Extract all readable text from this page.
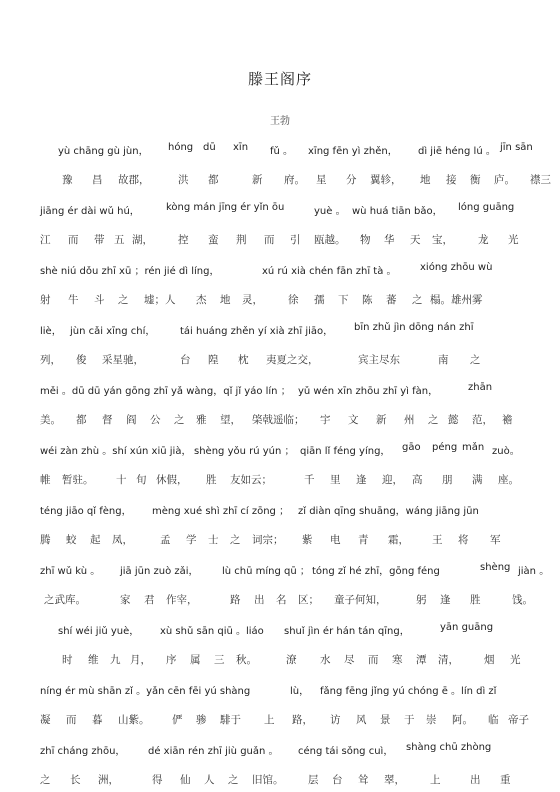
滕王阁序
王勃
yù chāng gù jùn， hóng dū xīn fǔ 。 xīng fēn yì zhěn， dì jiē héng lú 。 jīn sān
豫 昌 故郡，	洪 都	新 府。 星 分 翼轸， 地 接 衡 庐。 襟三
jiāng ér dài wǔ hú，	kòng mán jīng ér yǐn ōu	yuè 。 wù huá tiān bǎo， lóng guāng
江 而 带 五 湖， 控 蛮 荆 而 引 瓯越。 物 华 天 宝， 龙 光
shè niú dǒu zhī xū ；rén jié dì líng，	xú rú xià chén fān zhī tà 。 xióng zhōu wù
射 牛 斗 之 墟；人 杰 地 灵， 徐 孺 下 陈 蕃 之 榻。雄州雾
liè， jùn cǎi xīng chí， tái huáng zhěn yí xià zhī jiāo， bīn zhǔ jìn dōng nán zhī
列， 俊 采星驰，	台 隍 枕 夷夏之交，	宾主尽东	南 之
měi 。dū dū yán gōng zhī yǎ wàng，qǐ jǐ yáo lín ； yǔ wén xīn zhōu zhī yì fàn，	zhān
美。 都 督 阎 公 之 雅 望， 棨戟遥临； 宇 文 新 州 之 懿 范， 襜
wéi zàn zhù 。shí xún xiū jià， shèng yǒu rú yún ； qiān lǐ féng yíng， gāo péng mǎn zuò。
帷 暂驻。 十 旬 休假， 胜 友如云；	千 里 逢 迎， 高 朋 满 座。
téng jiāo qǐ fèng， mèng xué shì zhī cí zōng ； zǐ diàn qīng shuāng，wáng jiāng jūn
腾 蛟 起 凤，	孟 学 士 之 词宗； 紫 电 青 霜， 王 将 军
zhī wǔ kù 。 jiā jūn zuò zǎi， lù chū míng qū ； tóng zǐ hé zhī，gōng féng	shèng jiàn 。
之武库。	家 君 作宰，	路 出 名 区； 童子何知，	躬 逢 胜	饯。
shí wéi jiǔ yuè， xù shǔ sān qiū 。liáo shuǐ jìn ér hán tán qīng，	yān guāng
时 维 九 月， 序 属 三 秋。	潦 水 尽 而 寒 潭 清， 烟 光
níng ér mù shān zǐ 。yǎn cēn fēi yú shàng	lù， fǎng fēng jǐng yú chóng ē 。lín dì zǐ
凝 而 暮 山紫。 俨 骖 騑于 上 路， 访 风 景 于 崇 阿。 临 帝子
zhī cháng zhōu， dé xiān rén zhī jiù guǎn 。 céng tái sǒng cuì， shàng chū zhòng
之 长 洲，	得 仙 人 之 旧馆。 层 台 耸 翠， 上	出 重
